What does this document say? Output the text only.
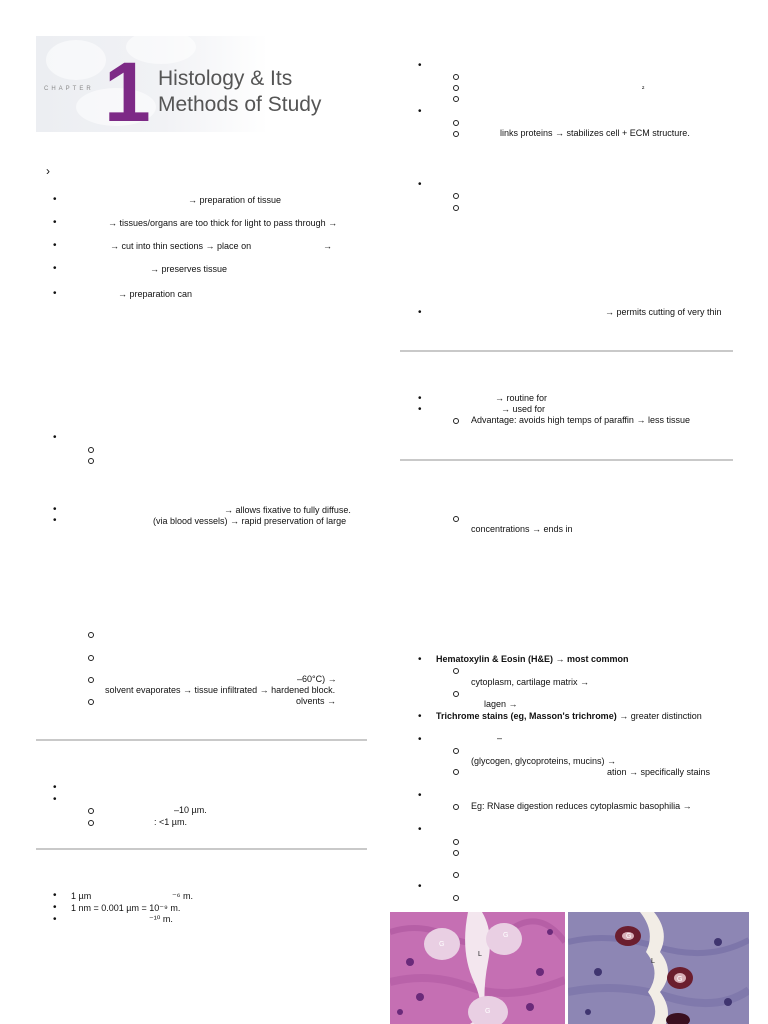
CHAPTER 1 Histology & Its Methods of Study
›
•	→ preparation of tissue
•	→ tissues/organs are too thick for light to pass through →
•	→ cut into thin sections → place on	→
•	→ preserves tissue
•	→ preparation can
•
•	→ allows fixative to fully diffuse.
•	(via blood vessels) → rapid preservation of large
–60°C) →
solvent evaporates → tissue infiltrated → hardened block.
olvents →
•
•
–10 µm.
: <1 µm.
• 1 µm	⁻⁶ m.
• 1 nm = 0.001 µm = 10⁻⁹ m.
•	⁻¹⁰ m.
•
²
•
links proteins → stabilizes cell + ECM structure.
•
•	→ permits cutting of very thin
•	→ routine for
•	→ used for
Advantage: avoids high temps of paraffin → less tissue
concentrations → ends in
• Hematoxylin & Eosin (H&E) → most common
cytoplasm, cartilage matrix →
lagen →
• Trichrome stains (eg, Masson's trichrome) → greater distinction
•	–
(glycogen, glycoproteins, mucins) →
ation → specifically stains
•
Eg: RNase digestion reduces cytoplasmic basophilia →
•
•
G
G
L
G
G
L
G
